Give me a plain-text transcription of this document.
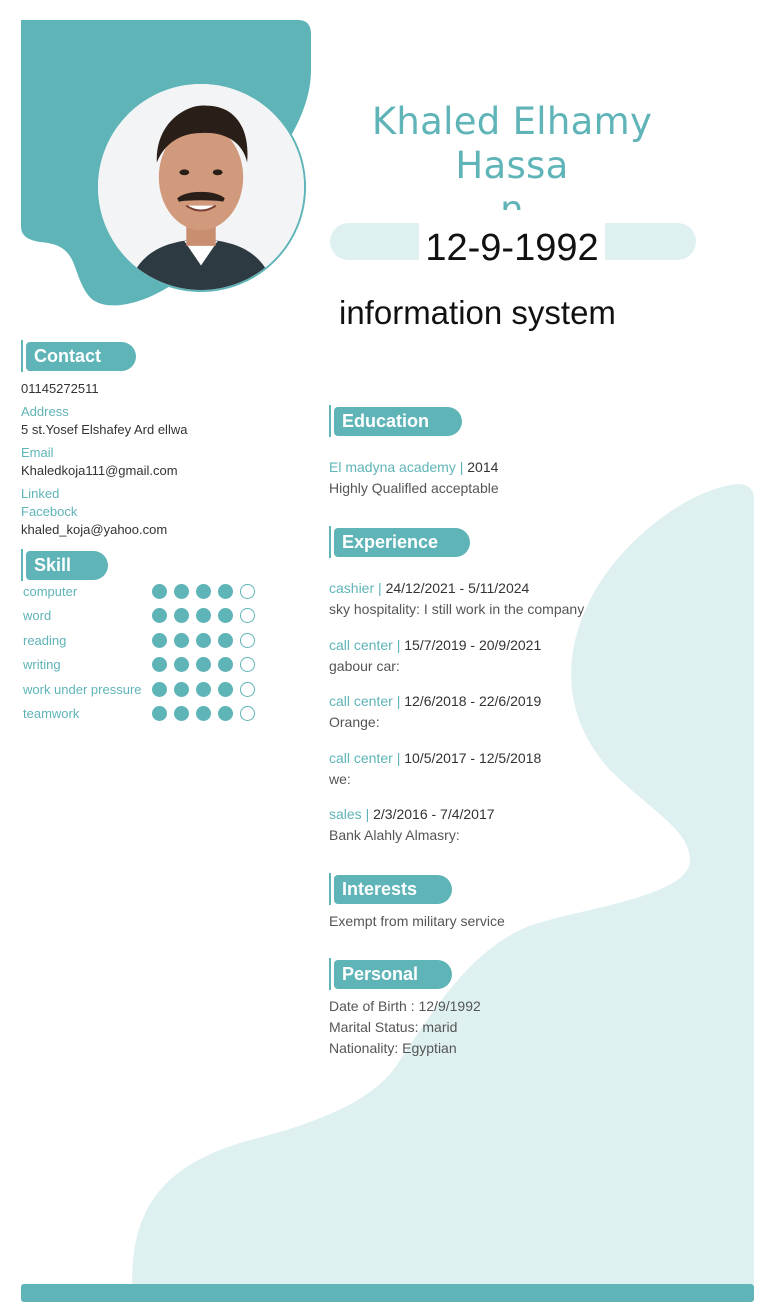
Khaled Elhamy Hassa
12-9-1992
information system
Contact
01145272511
Address
5 st.Yosef Elshafey Ard ellwa
Email
Khaledkoja111@gmail.com
Linked
Facebock
khaled_koja@yahoo.com
Skill
computer
word
reading
writing
work under pressure
teamwork
Education
El madyna academy | 2014
Highly Qualifled acceptable
Experience
cashier | 24/12/2021 - 5/11/2024
sky hospitality: I still work in the company
call center | 15/7/2019 - 20/9/2021
gabour car:
call center | 12/6/2018 - 22/6/2019
Orange:
call center | 10/5/2017 - 12/5/2018
we:
sales | 2/3/2016 - 7/4/2017
Bank Alahly Almasry:
Interests
Exempt from military service
Personal
Date of Birth : 12/9/1992
Marital Status: marid
Nationality: Egyptian
